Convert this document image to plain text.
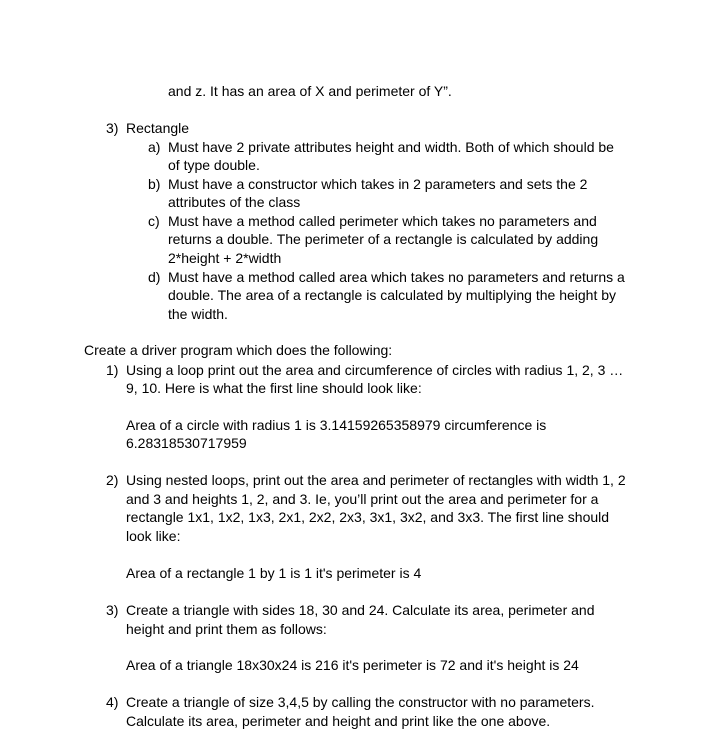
and z. It has an area of X and perimeter of Y”.
3) Rectangle
a) Must have 2 private attributes height and width. Both of which should be
of type double.
b) Must have a constructor which takes in 2 parameters and sets the 2
attributes of the class
c) Must have a method called perimeter which takes no parameters and
returns a double. The perimeter of a rectangle is calculated by adding
2*height + 2*width
d) Must have a method called area which takes no parameters and returns a
double. The area of a rectangle is calculated by multiplying the height by
the width.
Create a driver program which does the following:
1) Using a loop print out the area and circumference of circles with radius 1, 2, 3 …
9, 10. Here is what the first line should look like:
Area of a circle with radius 1 is 3.14159265358979 circumference is
6.28318530717959
2) Using nested loops, print out the area and perimeter of rectangles with width 1, 2
and 3 and heights 1, 2, and 3. Ie, you’ll print out the area and perimeter for a
rectangle 1x1, 1x2, 1x3, 2x1, 2x2, 2x3, 3x1, 3x2, and 3x3. The first line should
look like:
Area of a rectangle 1 by 1 is 1 it's perimeter is 4
3) Create a triangle with sides 18, 30 and 24. Calculate its area, perimeter and
height and print them as follows:
Area of a triangle 18x30x24 is 216 it's perimeter is 72 and it's height is 24
4) Create a triangle of size 3,4,5 by calling the constructor with no parameters.
Calculate its area, perimeter and height and print like the one above.
